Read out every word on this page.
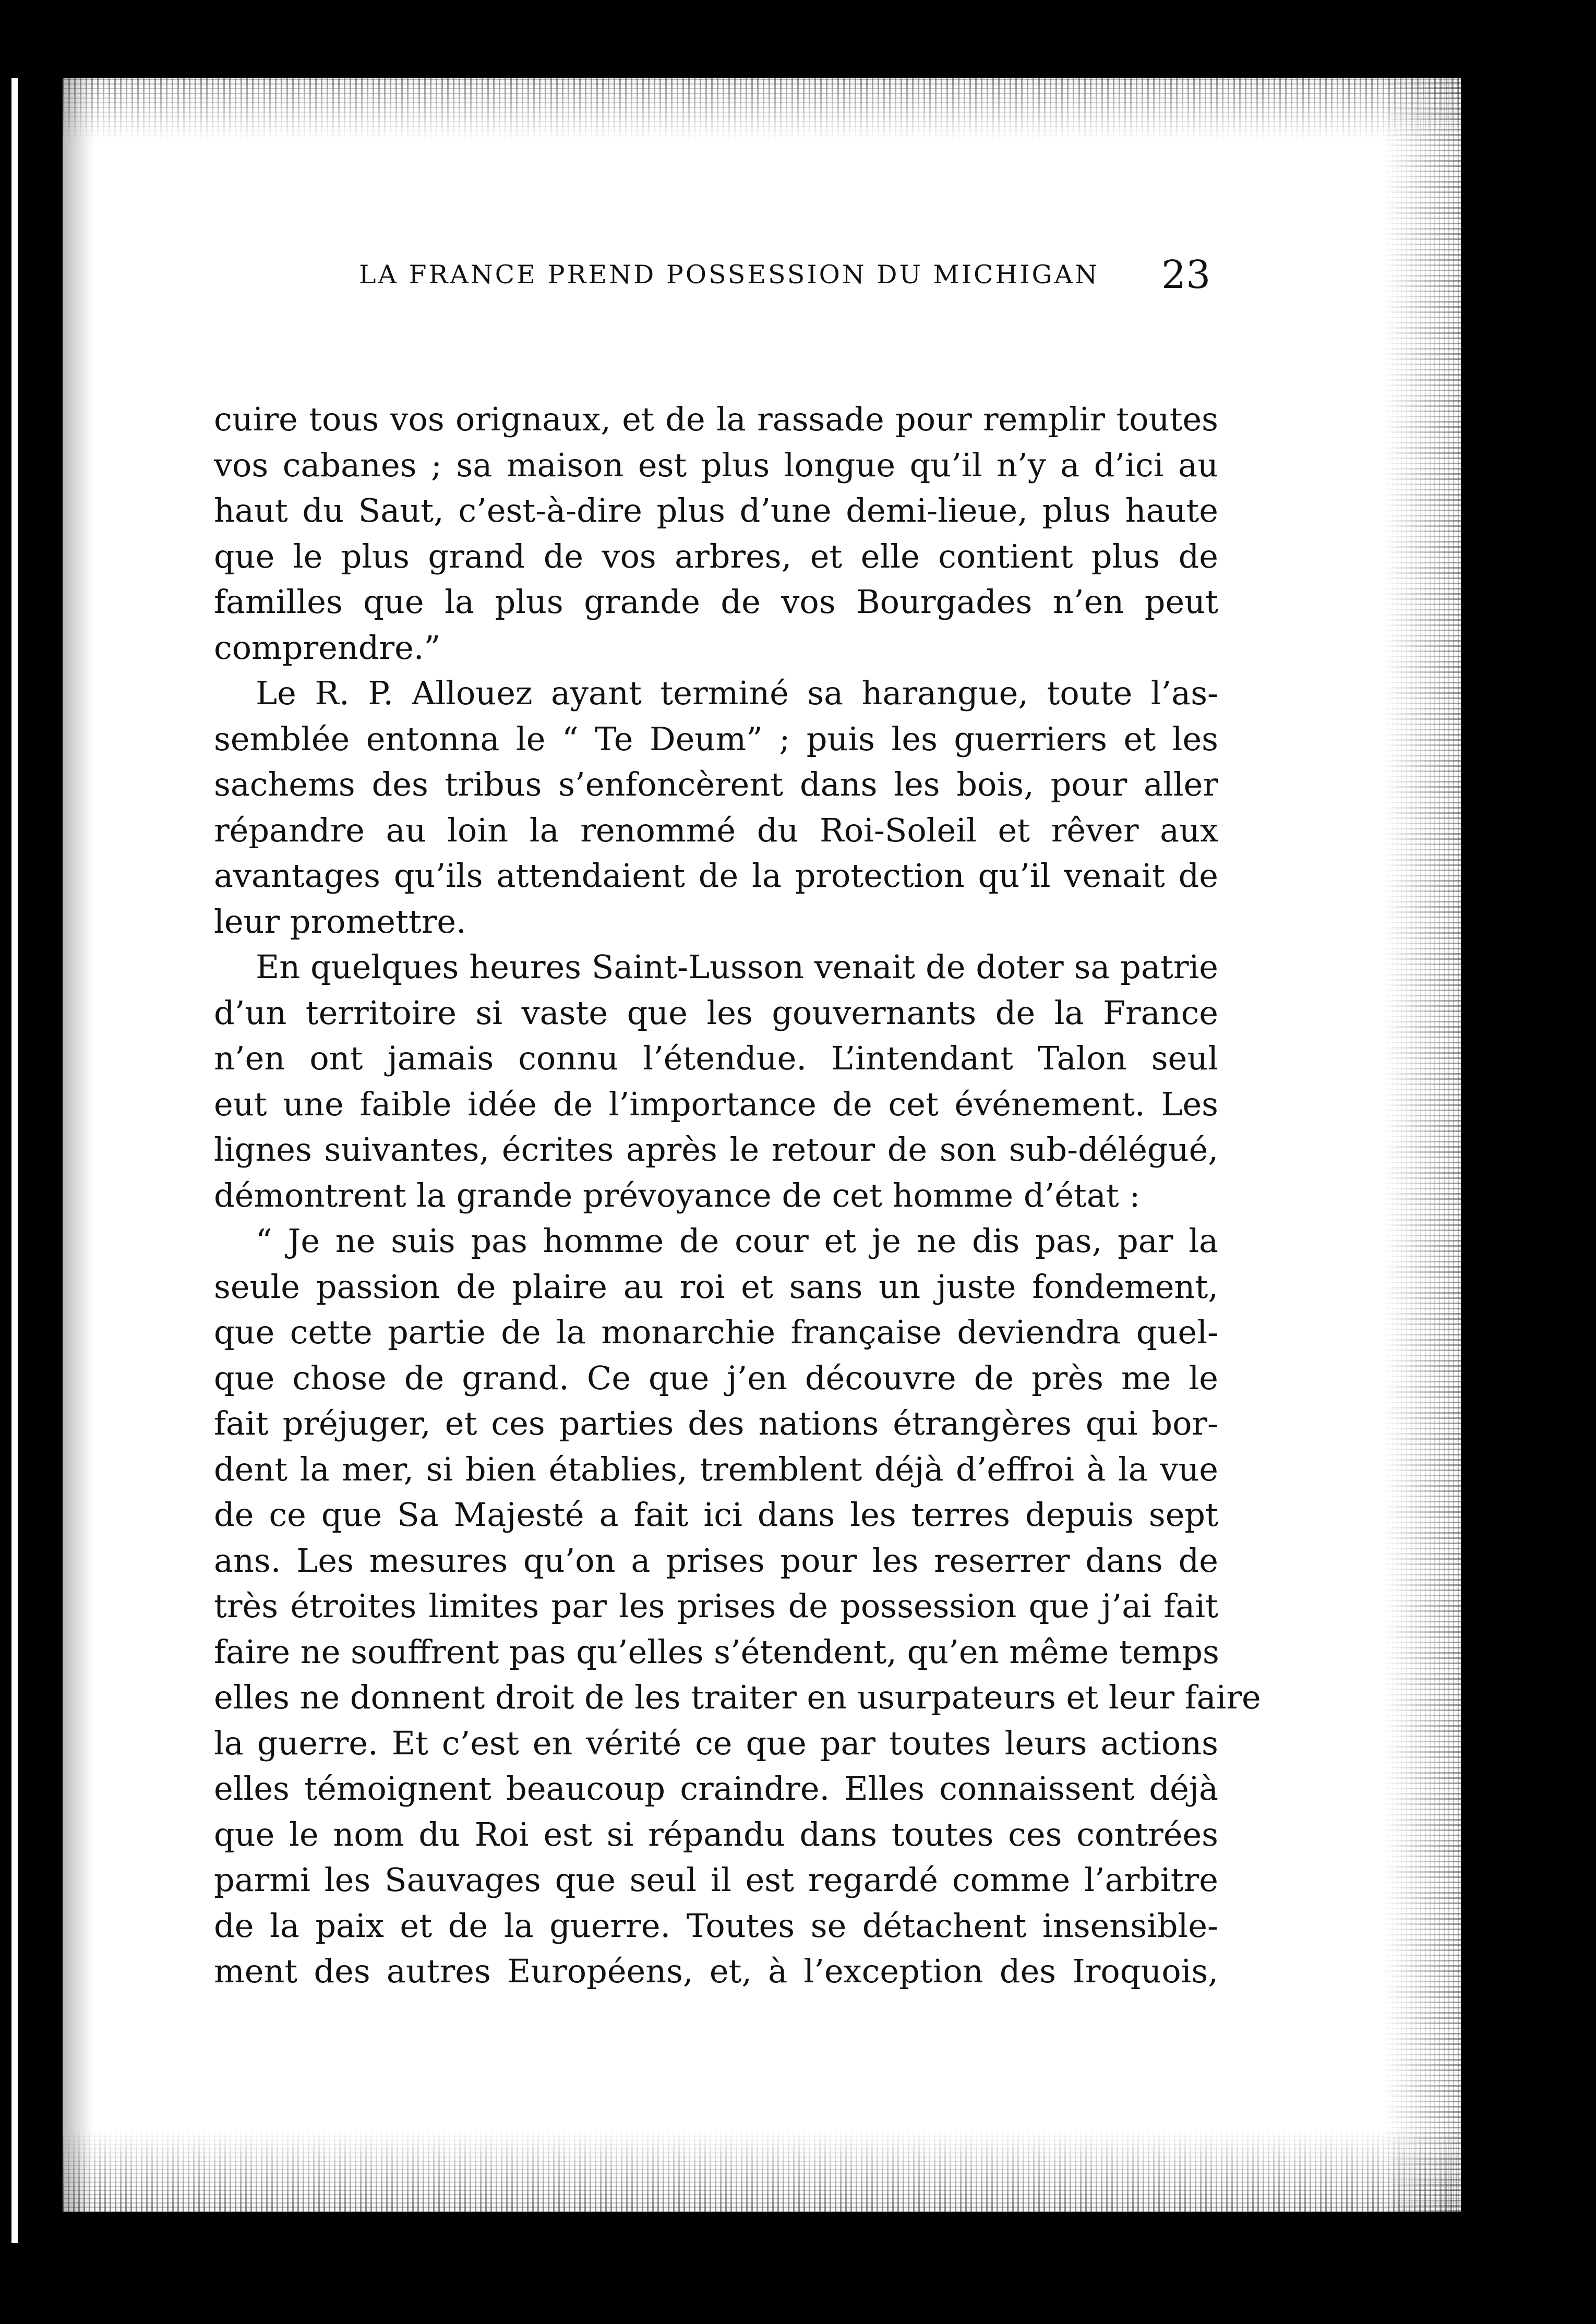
LA FRANCE PREND POSSESSION DU MICHIGAN 23
cuire tous vos orignaux, et de la rassade pour remplir toutes
vos cabanes ; sa maison est plus longue qu’il n’y a d’ici au
haut du Saut, c’est-à-dire plus d’une demi-lieue, plus haute
que le plus grand de vos arbres, et elle contient plus de
familles que la plus grande de vos Bourgades n’en peut
comprendre.”
Le R. P. Allouez ayant terminé sa harangue, toute l’as-
semblée entonna le “ Te Deum” ; puis les guerriers et les
sachems des tribus s’enfoncèrent dans les bois, pour aller
répandre au loin la renommé du Roi-Soleil et rêver aux
avantages qu’ils attendaient de la protection qu’il venait de
leur promettre.
En quelques heures Saint-Lusson venait de doter sa patrie
d’un territoire si vaste que les gouvernants de la France
n’en ont jamais connu l’étendue. L’intendant Talon seul
eut une faible idée de l’importance de cet événement. Les
lignes suivantes, écrites après le retour de son sub-délégué,
démontrent la grande prévoyance de cet homme d’état :
“ Je ne suis pas homme de cour et je ne dis pas, par la
seule passion de plaire au roi et sans un juste fondement,
que cette partie de la monarchie française deviendra quel-
que chose de grand. Ce que j’en découvre de près me le
fait préjuger, et ces parties des nations étrangères qui bor-
dent la mer, si bien établies, tremblent déjà d’effroi à la vue
de ce que Sa Majesté a fait ici dans les terres depuis sept
ans. Les mesures qu’on a prises pour les reserrer dans de
très étroites limites par les prises de possession que j’ai fait
faire ne souffrent pas qu’elles s’étendent, qu’en même temps
elles ne donnent droit de les traiter en usurpateurs et leur faire
la guerre. Et c’est en vérité ce que par toutes leurs actions
elles témoignent beaucoup craindre. Elles connaissent déjà
que le nom du Roi est si répandu dans toutes ces contrées
parmi les Sauvages que seul il est regardé comme l’arbitre
de la paix et de la guerre. Toutes se détachent insensible-
ment des autres Européens, et, à l’exception des Iroquois,
